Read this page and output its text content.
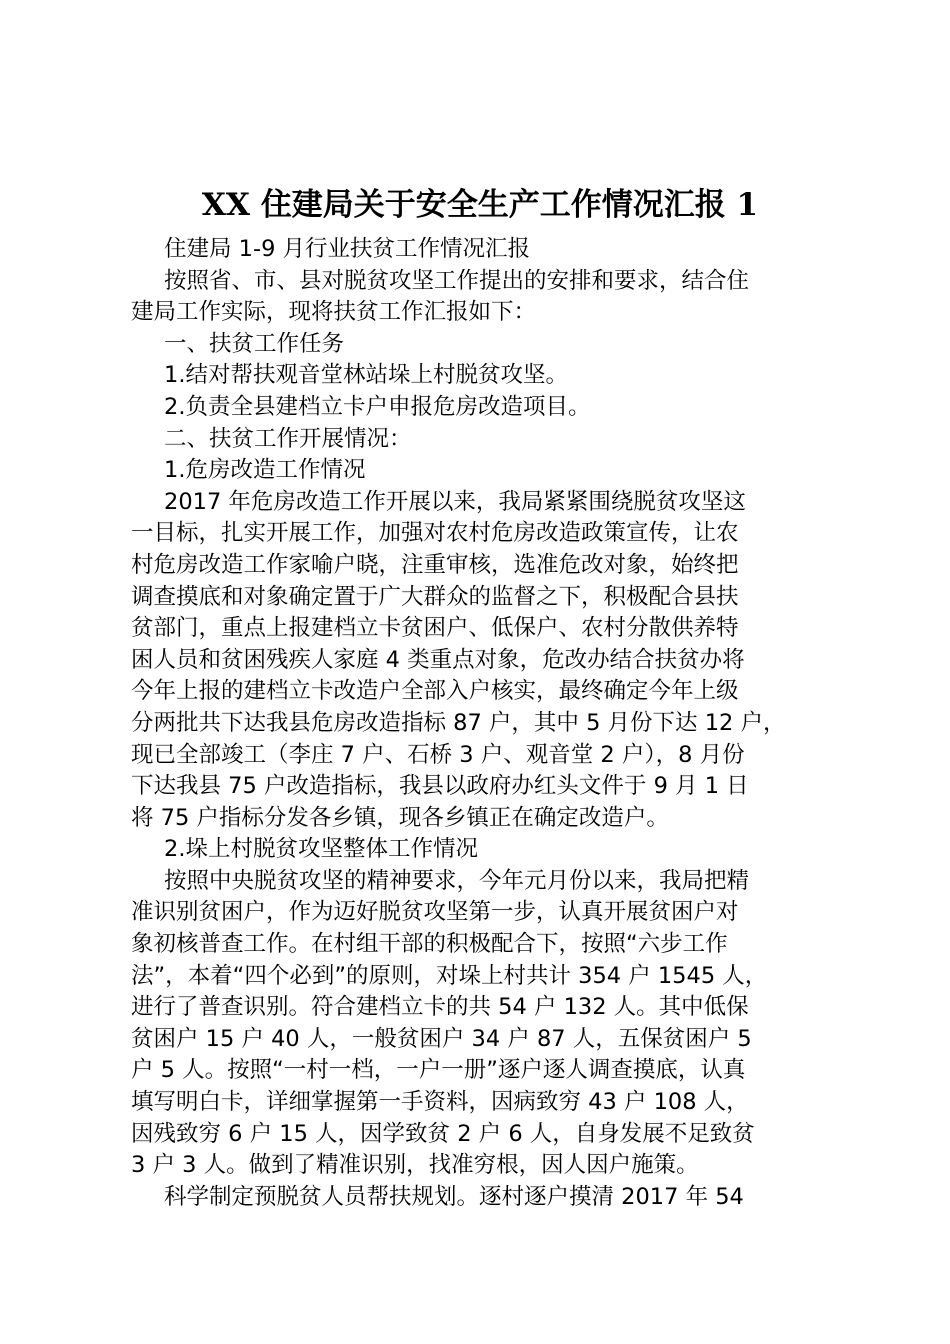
XX 住建局关于安全生产工作情况汇报 1
住建局 1-9 月行业扶贫工作情况汇报
按照省、市、县对脱贫攻坚工作提出的安排和要求，结合住
建局工作实际，现将扶贫工作汇报如下：
一、扶贫工作任务
1.结对帮扶观音堂林站垛上村脱贫攻坚。
2.负责全县建档立卡户申报危房改造项目。
二、扶贫工作开展情况：
1.危房改造工作情况
2017 年危房改造工作开展以来，我局紧紧围绕脱贫攻坚这
一目标，扎实开展工作，加强对农村危房改造政策宣传，让农
村危房改造工作家喻户晓，注重审核，选准危改对象，始终把
调查摸底和对象确定置于广大群众的监督之下，积极配合县扶
贫部门，重点上报建档立卡贫困户、低保户、农村分散供养特
困人员和贫困残疾人家庭 4 类重点对象，危改办结合扶贫办将
今年上报的建档立卡改造户全部入户核实，最终确定今年上级
分两批共下达我县危房改造指标 87 户，其中 5 月份下达 12 户，
现已全部竣工（李庄 7 户、石桥 3 户、观音堂 2 户），8 月份
下达我县 75 户改造指标，我县以政府办红头文件于 9 月 1 日
将 75 户指标分发各乡镇，现各乡镇正在确定改造户。
2.垛上村脱贫攻坚整体工作情况
按照中央脱贫攻坚的精神要求，今年元月份以来，我局把精
准识别贫困户，作为迈好脱贫攻坚第一步，认真开展贫困户对
象初核普查工作。在村组干部的积极配合下，按照“六步工作
法”，本着“四个必到”的原则，对垛上村共计 354 户 1545 人，
进行了普查识别。符合建档立卡的共 54 户 132 人。其中低保
贫困户 15 户 40 人，一般贫困户 34 户 87 人，五保贫困户 5
户 5 人。按照“一村一档，一户一册”逐户逐人调查摸底，认真
填写明白卡，详细掌握第一手资料，因病致穷 43 户 108 人，
因残致穷 6 户 15 人，因学致贫 2 户 6 人，自身发展不足致贫
3 户 3 人。做到了精准识别，找准穷根，因人因户施策。
科学制定预脱贫人员帮扶规划。逐村逐户摸清 2017 年 54
